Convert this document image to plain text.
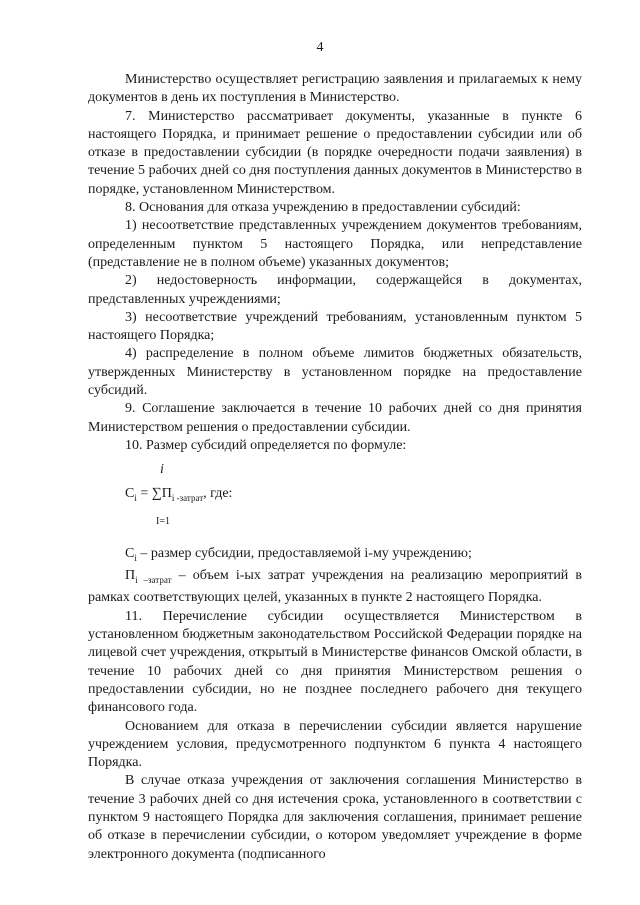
4

Министерство осуществляет регистрацию заявления и прилагаемых к нему документов в день их поступления в Министерство.

7. Министерство рассматривает документы, указанные в пункте 6 настоящего Порядка, и принимает решение о предоставлении субсидии или об отказе в предоставлении субсидии (в порядке очередности подачи заявления) в течение 5 рабочих дней со дня поступления данных документов в Министерство в порядке, установленном Министерством.

8. Основания для отказа учреждению в предоставлении субсидий:

1) несоответствие представленных учреждением документов требованиям, определенным пунктом 5 настоящего Порядка, или непредставление (представление не в полном объеме) указанных документов;

2) недостоверность информации, содержащейся в документах, представленных учреждениями;

3) несоответствие учреждений требованиям, установленным пунктом 5 настоящего Порядка;

4) распределение в полном объеме лимитов бюджетных обязательств, утвержденных Министерству в установленном порядке на предоставление субсидий.

9. Соглашение заключается в течение 10 рабочих дней со дня принятия Министерством решения о предоставлении субсидии.

10. Размер субсидий определяется по формуле:

i
$C_i = \sum П_{i -затрат}$, где:
I=1

$C_i$ – размер субсидии, предоставляемой i-му учреждению;

$П_{i -затрат}$ – объем i-ых затрат учреждения на реализацию мероприятий в рамках соответствующих целей, указанных в пункте 2 настоящего Порядка.

11. Перечисление субсидии осуществляется Министерством в установленном бюджетным законодательством Российской Федерации порядке на лицевой счет учреждения, открытый в Министерстве финансов Омской области, в течение 10 рабочих дней со дня принятия Министерством решения о предоставлении субсидии, но не позднее последнего рабочего дня текущего финансового года.

Основанием для отказа в перечислении субсидии является нарушение учреждением условия, предусмотренного подпунктом 6 пункта 4 настоящего Порядка.

В случае отказа учреждения от заключения соглашения Министерство в течение 3 рабочих дней со дня истечения срока, установленного в соответствии с пунктом 9 настоящего Порядка для заключения соглашения, принимает решение об отказе в перечислении субсидии, о котором уведомляет учреждение в форме электронного документа (подписанного
